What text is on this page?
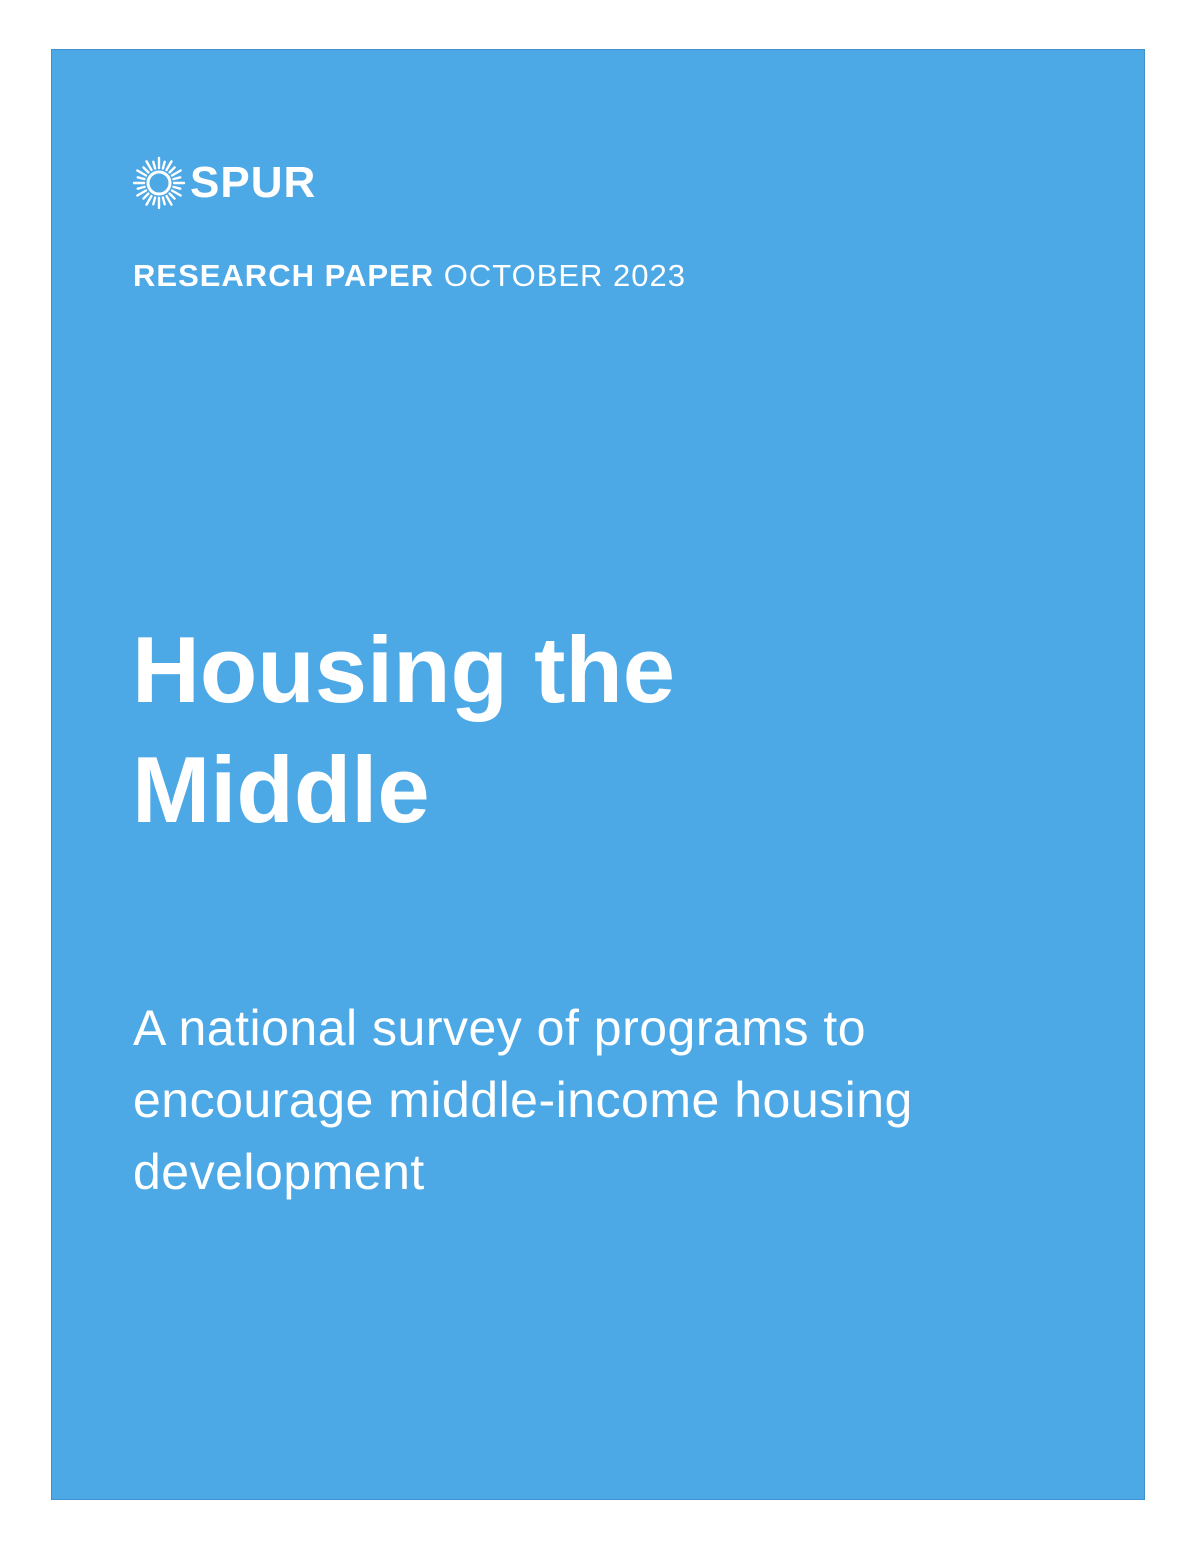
SPUR
RESEARCH PAPER OCTOBER 2023
Housing the
Middle

A national survey of programs to
encourage middle-income housing
development
